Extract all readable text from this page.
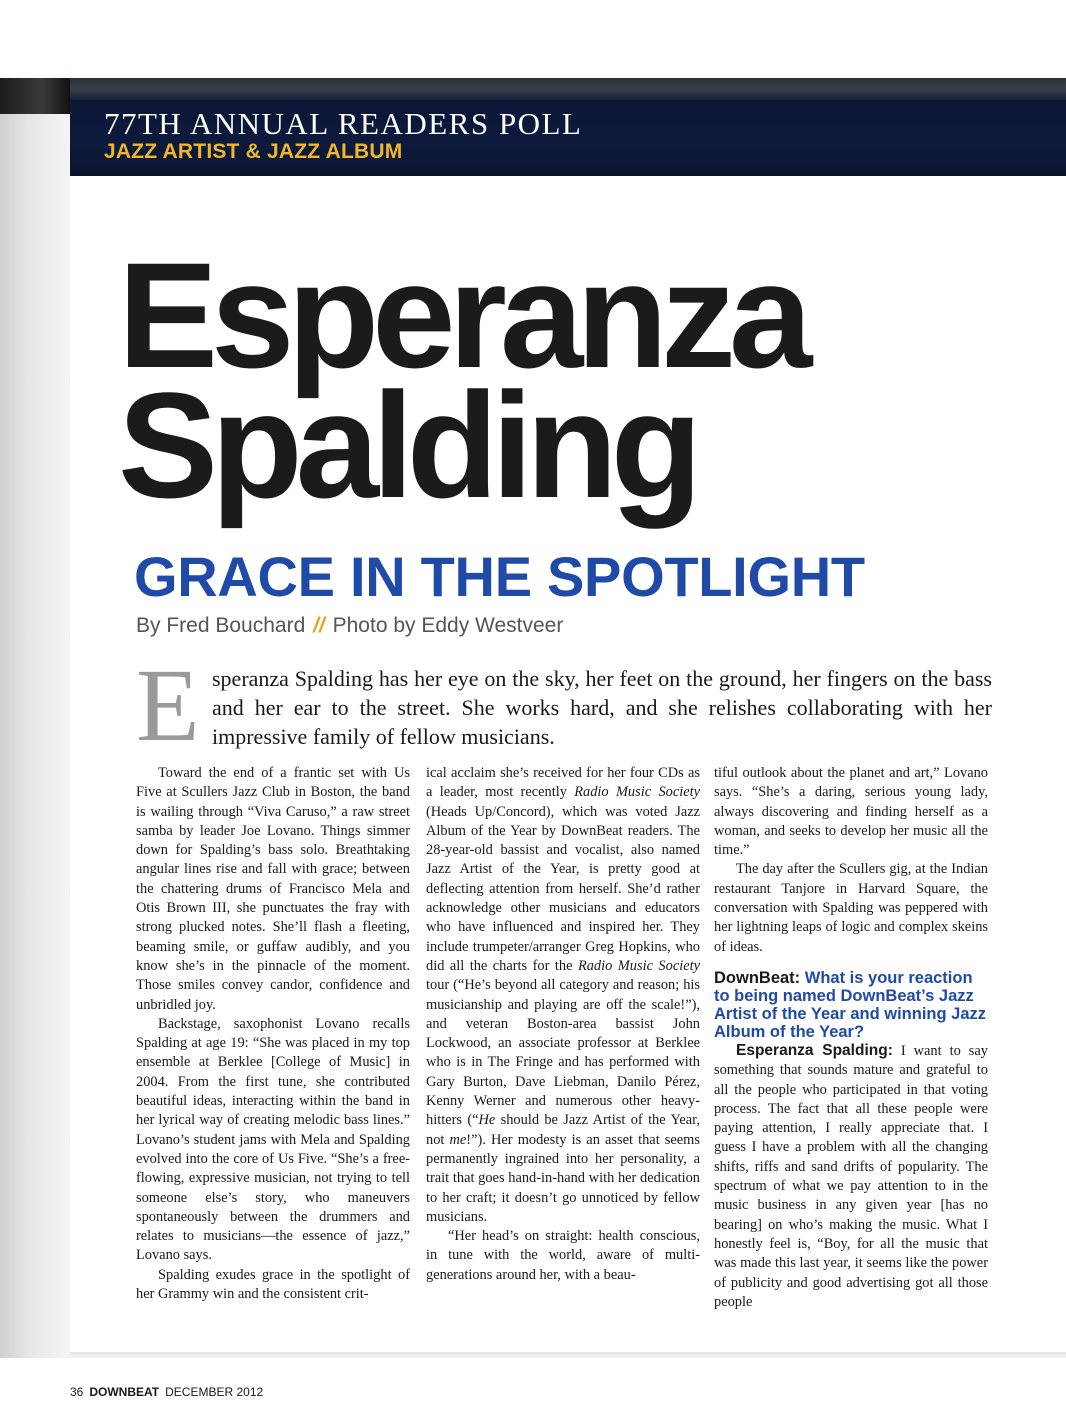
77TH ANNUAL READERS POLL
JAZZ ARTIST & JAZZ ALBUM
Esperanza
Spalding
GRACE IN THE SPOTLIGHT
By Fred Bouchard // Photo by Eddy Westveer
E speranza Spalding has her eye on the sky, her feet on the ground, her fingers on the bass and her ear to the street. She works hard, and she relishes collaborating with her impressive family of fellow musicians.

Toward the end of a frantic set with Us Five at Scullers Jazz Club in Boston, the band is wailing through “Viva Caruso,” a raw street samba by leader Joe Lovano. Things simmer down for Spalding’s bass solo. Breathtaking angular lines rise and fall with grace; between the chattering drums of Francisco Mela and Otis Brown III, she punctuates the fray with strong plucked notes. She’ll flash a fleeting, beaming smile, or guffaw audibly, and you know she’s in the pinnacle of the moment. Those smiles convey candor, confidence and unbridled joy.

Backstage, saxophonist Lovano recalls Spalding at age 19: “She was placed in my top ensemble at Berklee [College of Music] in 2004. From the first tune, she contributed beautiful ideas, interacting within the band in her lyrical way of creating melodic bass lines.” Lovano’s student jams with Mela and Spalding evolved into the core of Us Five. “She’s a free-flowing, expressive musician, not trying to tell someone else’s story, who maneuvers spontaneously between the drummers and relates to musicians—the essence of jazz,” Lovano says.

Spalding exudes grace in the spotlight of her Grammy win and the consistent crit-

ical acclaim she’s received for her four CDs as a leader, most recently Radio Music Society (Heads Up/Concord), which was voted Jazz Album of the Year by DownBeat readers. The 28-year-old bassist and vocalist, also named Jazz Artist of the Year, is pretty good at deflecting attention from herself. She’d rather acknowledge other musicians and educators who have influenced and inspired her. They include trumpeter/arranger Greg Hopkins, who did all the charts for the Radio Music Society tour (“He’s beyond all category and reason; his musicianship and playing are off the scale!”), and veteran Boston-area bassist John Lockwood, an associate professor at Berklee who is in The Fringe and has performed with Gary Burton, Dave Liebman, Danilo Pérez, Kenny Werner and numerous other heavy-hitters (“He should be Jazz Artist of the Year, not me!”). Her modesty is an asset that seems permanently ingrained into her personality, a trait that goes hand-in-hand with her dedication to her craft; it doesn’t go unnoticed by fellow musicians.

“Her head’s on straight: health conscious, in tune with the world, aware of multi-generations around her, with a beau-

tiful outlook about the planet and art,” Lovano says. “She’s a daring, serious young lady, always discovering and finding herself as a woman, and seeks to develop her music all the time.”

The day after the Scullers gig, at the Indian restaurant Tanjore in Harvard Square, the conversation with Spalding was peppered with her lightning leaps of logic and complex skeins of ideas.

DownBeat: What is your reaction to being named DownBeat’s Jazz Artist of the Year and winning Jazz Album of the Year?

Esperanza Spalding: I want to say something that sounds mature and grateful to all the people who participated in that voting process. The fact that all these people were paying attention, I really appreciate that. I guess I have a problem with all the changing shifts, riffs and sand drifts of popularity. The spectrum of what we pay attention to in the music business in any given year [has no bearing] on who’s making the music. What I honestly feel is, “Boy, for all the music that was made this last year, it seems like the power of publicity and good advertising got all those people

36 DOWNBEAT DECEMBER 2012
